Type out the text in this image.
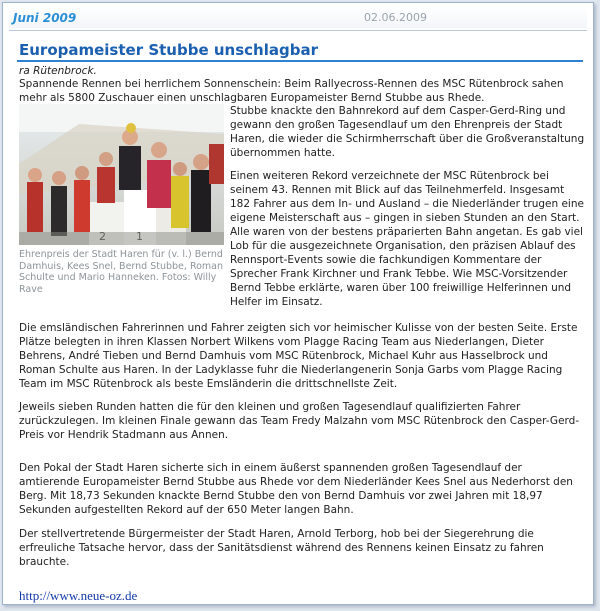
Juni 2009	02.06.2009
Europameister Stubbe unschlagbar
ra Rütenbrock.
Spannende Rennen bei herrlichem Sonnenschein: Beim Rallyecross-Rennen des MSC Rütenbrock sahen mehr als 5800 Zuschauer einen unschlagbaren Europameister Bernd Stubbe aus Rhede.
Ehrenpreis der Stadt Haren für (v. l.) Bernd Damhuis, Kees Snel, Bernd Stubbe, Roman Schulte und Mario Hanneken. Fotos: Willy Rave
Stubbe knackte den Bahnrekord auf dem Casper-Gerd-Ring und gewann den großen Tagesendlauf um den Ehrenpreis der Stadt Haren, die wieder die Schirmherrschaft über die Großveranstaltung übernommen hatte.
Einen weiteren Rekord verzeichnete der MSC Rütenbrock bei seinem 43. Rennen mit Blick auf das Teilnehmerfeld. Insgesamt 182 Fahrer aus dem In- und Ausland – die Niederländer trugen eine eigene Meisterschaft aus – gingen in sieben Stunden an den Start. Alle waren von der bestens präparierten Bahn angetan. Es gab viel Lob für die ausgezeichnete Organisation, den präzisen Ablauf des Rennsport-Events sowie die fachkundigen Kommentare der Sprecher Frank Kirchner und Frank Tebbe. Wie MSC-Vorsitzender Bernd Tebbe erklärte, waren über 100 freiwillige Helferinnen und Helfer im Einsatz.
Die emsländischen Fahrerinnen und Fahrer zeigten sich vor heimischer Kulisse von der besten Seite. Erste Plätze belegten in ihren Klassen Norbert Wilkens vom Plagge Racing Team aus Niederlangen, Dieter Behrens, André Tieben und Bernd Damhuis vom MSC Rütenbrock, Michael Kuhr aus Hasselbrock und Roman Schulte aus Haren. In der Ladyklasse fuhr die Niederlangenerin Sonja Garbs vom Plagge Racing Team im MSC Rütenbrock als beste Emsländerin die drittschnellste Zeit.
Jeweils sieben Runden hatten die für den kleinen und großen Tagesendlauf qualifizierten Fahrer zurückzulegen. Im kleinen Finale gewann das Team Fredy Malzahn vom MSC Rütenbrock den Casper-Gerd-Preis vor Hendrik Stadmann aus Annen.
Den Pokal der Stadt Haren sicherte sich in einem äußerst spannenden großen Tagesendlauf der amtierende Europameister Bernd Stubbe aus Rhede vor dem Niederländer Kees Snel aus Nederhorst den Berg. Mit 18,73 Sekunden knackte Bernd Stubbe den von Bernd Damhuis vor zwei Jahren mit 18,97 Sekunden aufgestellten Rekord auf der 650 Meter langen Bahn.
Der stellvertretende Bürgermeister der Stadt Haren, Arnold Terborg, hob bei der Siegerehrung die erfreuliche Tatsache hervor, dass der Sanitätsdienst während des Rennens keinen Einsatz zu fahren brauchte.
http://www.neue-oz.de
